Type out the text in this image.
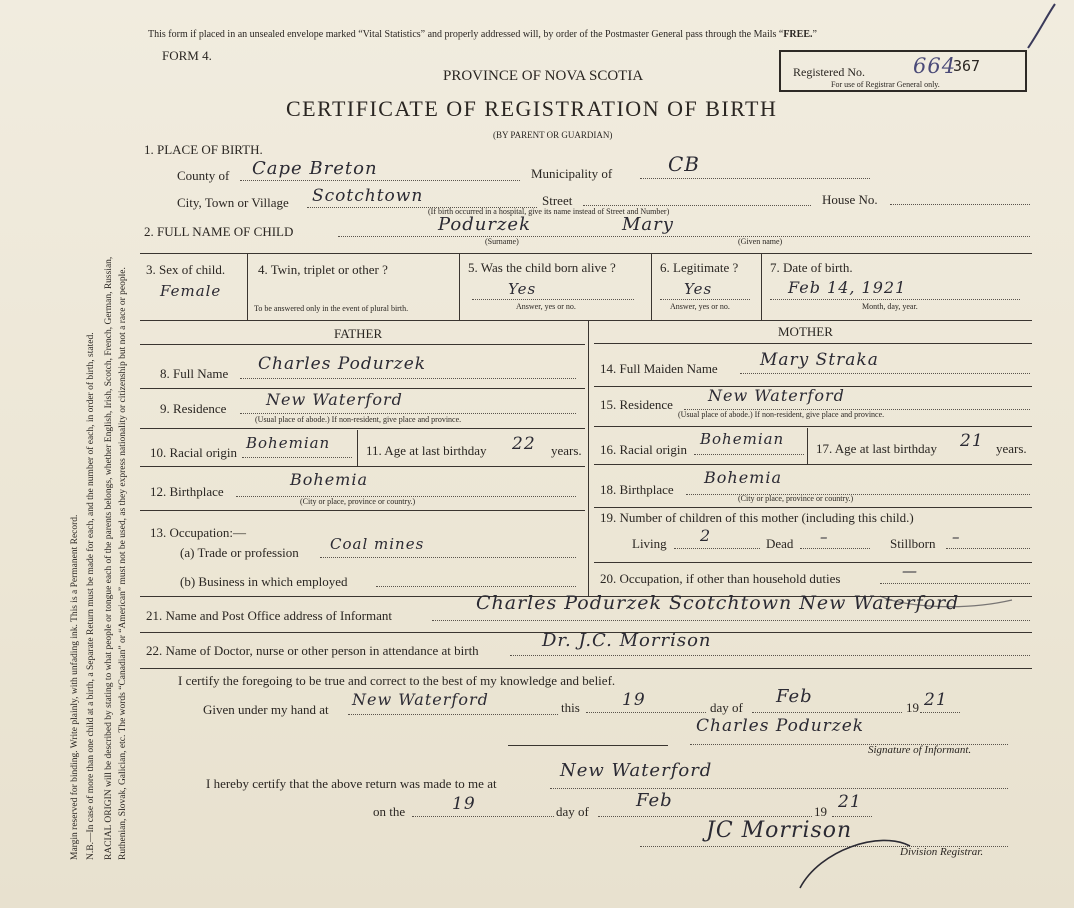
Margin reserved for binding. Write plainly, with unfading ink. This is a Permanent Record. N.B.—In case of more than one child at a birth, a Separate Return must be made for each, and the number of each, in order of birth, stated. RACIAL ORIGIN will be described by stating to what people or tongue each of the parents belongs, whether English, Irish, Scotch, French, German, Russian, Ruthenian, Slovak, Galician, etc. The words “Canadian” or “American” must not be used, as they express nationality or citizenship but not a race or people.
This form if placed in an unsealed envelope marked “Vital Statistics” and properly addressed will, by order of the Postmaster General pass through the Mails “FREE.”
FORM 4.
PROVINCE OF NOVA SCOTIA
CERTIFICATE OF REGISTRATION OF BIRTH
(BY PARENT OR GUARDIAN)
Registered No. 664
367
For use of Registrar General only.
1. PLACE OF BIRTH.
County of Cape Breton	Municipality of	CB
City, Town or Village Scotchtown	Street	House No.
(If birth occurred in a hospital, give its name instead of Street and Number)
2. FULL NAME OF CHILD	Podurzek	Mary
(Surname)	(Given name)
3. Sex of child.
Female
4. Twin, triplet or other ?
To be answered only in the event of plural birth.
5. Was the child born alive ?
Yes
Answer, yes or no.
6. Legitimate ?
Yes
Answer, yes or no.
7. Date of birth.
Feb 14, 1921
Month, day, year.
FATHER	MOTHER
8. Full Name Charles Podurzek
9. Residence New Waterford
(Usual place of abode.) If non-resident, give place and province.
10. Racial origin
Bohemian	11. Age at last birthday 22 years.
12. Birthplace
Bohemia
(City or place, province or country.)
13. Occupation:—
(a) Trade or profession Coal mines
(b) Business in which employed
14. Full Maiden Name Mary Straka
15. Residence New Waterford
(Usual place of abode.) If non-resident, give place and province.
16. Racial origin
Bohemian
17. Age at last birthday 21 years.
18. Birthplace
Bohemia
(City or place, province or country.)
19. Number of children of this mother (including this child.)
Living 2	Dead –	Stillborn –
20. Occupation, if other than household duties	—
21. Name and Post Office address of Informant
Charles Podurzek Scotchtown New Waterford
22. Name of Doctor, nurse or other person in attendance at birth	Dr. J.C. Morrison
I certify the foregoing to be true and correct to the best of my knowledge and belief.
Given under my hand at
New Waterford	this 19	day of
Feb
19 21
Charles Podurzek
Signature of Informant.
I hereby certify that the above return was made to me at
New Waterford
on the	19	day of
Feb
19 21
JC Morrison
Division Registrar.
